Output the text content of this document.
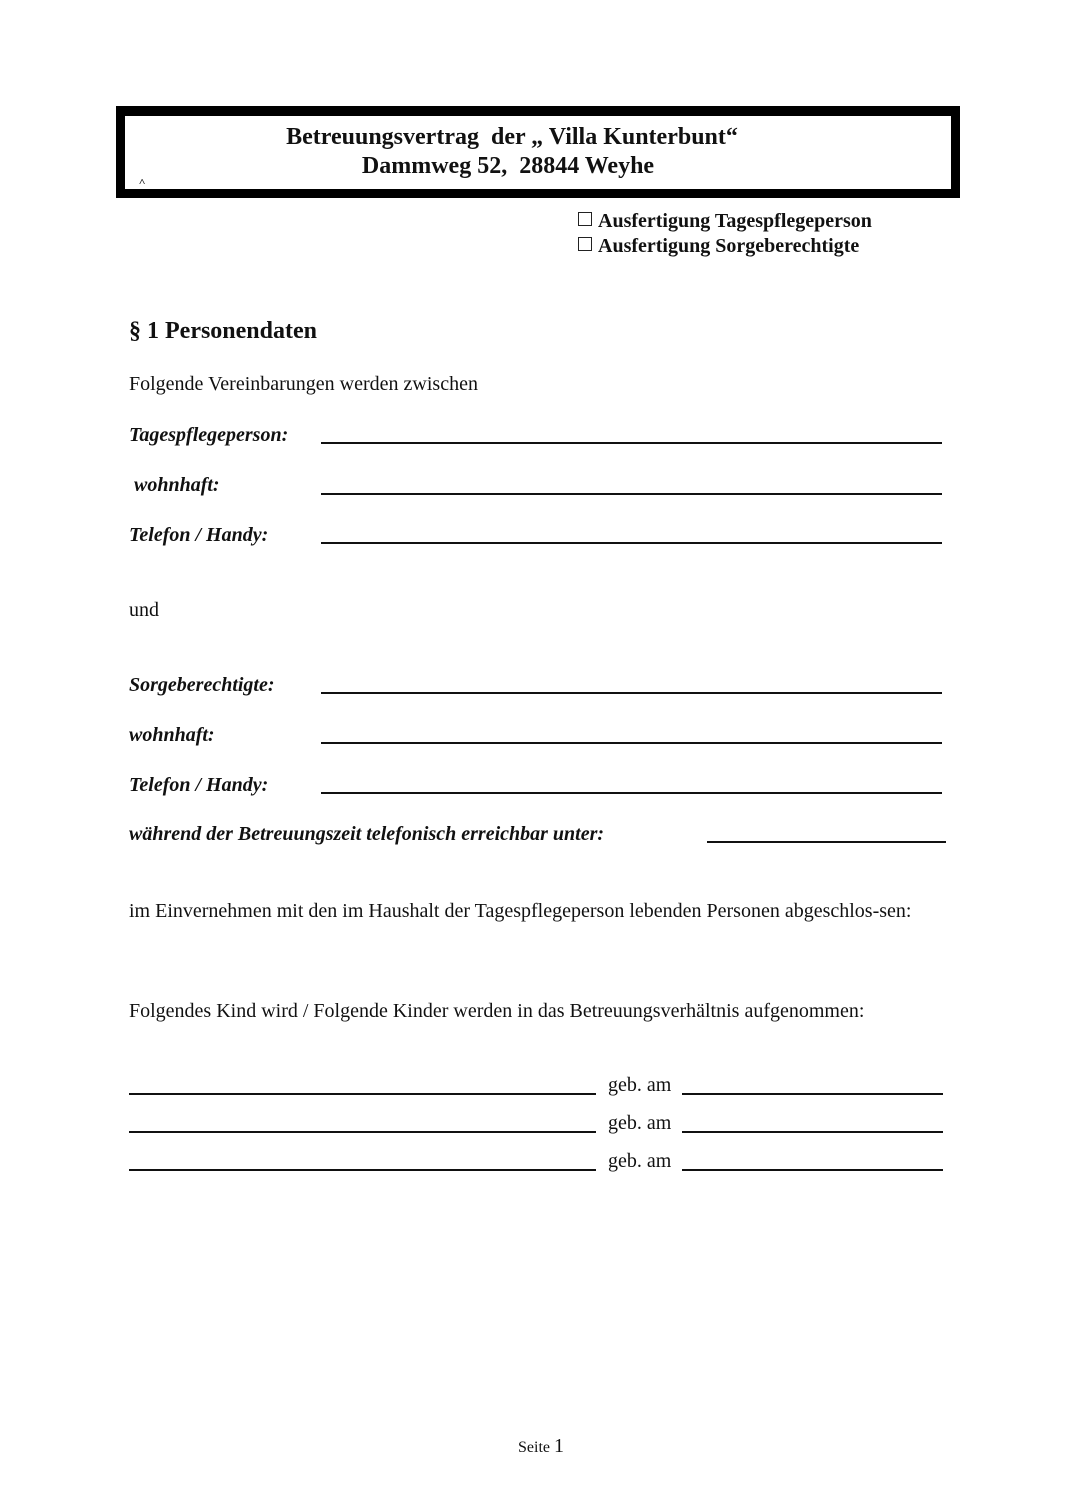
Betreuungsvertrag  der „ Villa Kunterbunt“
Dammweg 52,  28844 Weyhe
˄
Ausfertigung Tagespflegeperson
Ausfertigung Sorgeberechtigte
§ 1 Personendaten
Folgende Vereinbarungen werden zwischen
Tagespflegeperson:
wohnhaft:
Telefon / Handy:
und
Sorgeberechtigte:
wohnhaft:
Telefon / Handy:
während der Betreuungszeit telefonisch erreichbar unter:
im Einvernehmen mit den im Haushalt der Tagespflegeperson lebenden Personen abgeschlos-sen:
Folgendes Kind wird / Folgende Kinder werden in das Betreuungsverhältnis aufgenommen:
geb. am
geb. am
geb. am
Seite 1
